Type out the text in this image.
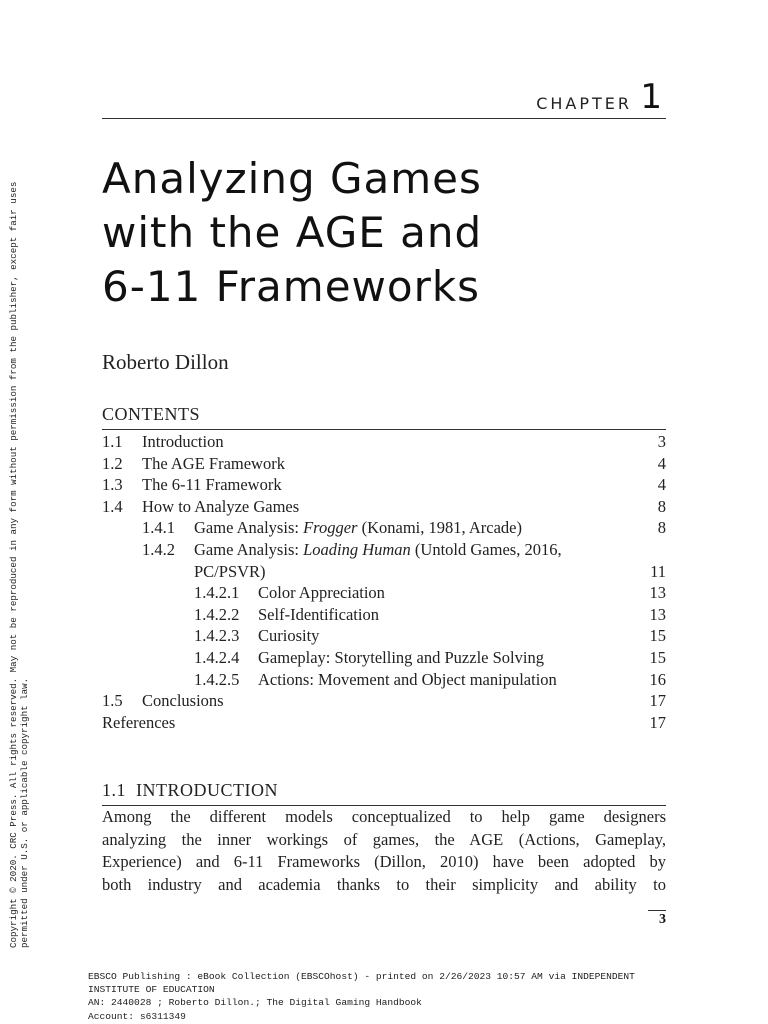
Copyright © 2020. CRC Press. All rights reserved. May not be reproduced in any form without permission from the publisher, except fair uses permitted under U.S. or applicable copyright law.
CHAPTER 1
Analyzing Games
with the AGE and
6-11 Frameworks
Roberto Dillon
CONTENTS
1.1 Introduction	3
1.2 The AGE Framework	4
1.3 The 6-11 Framework	4
1.4 How to Analyze Games	8
1.4.1 Game Analysis: Frogger (Konami, 1981, Arcade)	8
1.4.2 Game Analysis: Loading Human (Untold Games, 2016,
PC/PSVR)	11
1.4.2.1 Color Appreciation	13
1.4.2.2 Self-Identification	13
1.4.2.3 Curiosity	15
1.4.2.4 Gameplay: Storytelling and Puzzle Solving	15
1.4.2.5 Actions: Movement and Object manipulation	16
1.5 Conclusions	17
References	17
1.1  INTRODUCTION
Among the different models conceptualized to help game designers
analyzing the inner workings of games, the AGE (Actions, Gameplay,
Experience) and 6-11 Frameworks (Dillon, 2010) have been adopted by
both industry and academia thanks to their simplicity and ability to
3
EBSCO Publishing : eBook Collection (EBSCOhost) - printed on 2/26/2023 10:57 AM via INDEPENDENT
INSTITUTE OF EDUCATION
AN: 2440028 ; Roberto Dillon.; The Digital Gaming Handbook
Account: s6311349
